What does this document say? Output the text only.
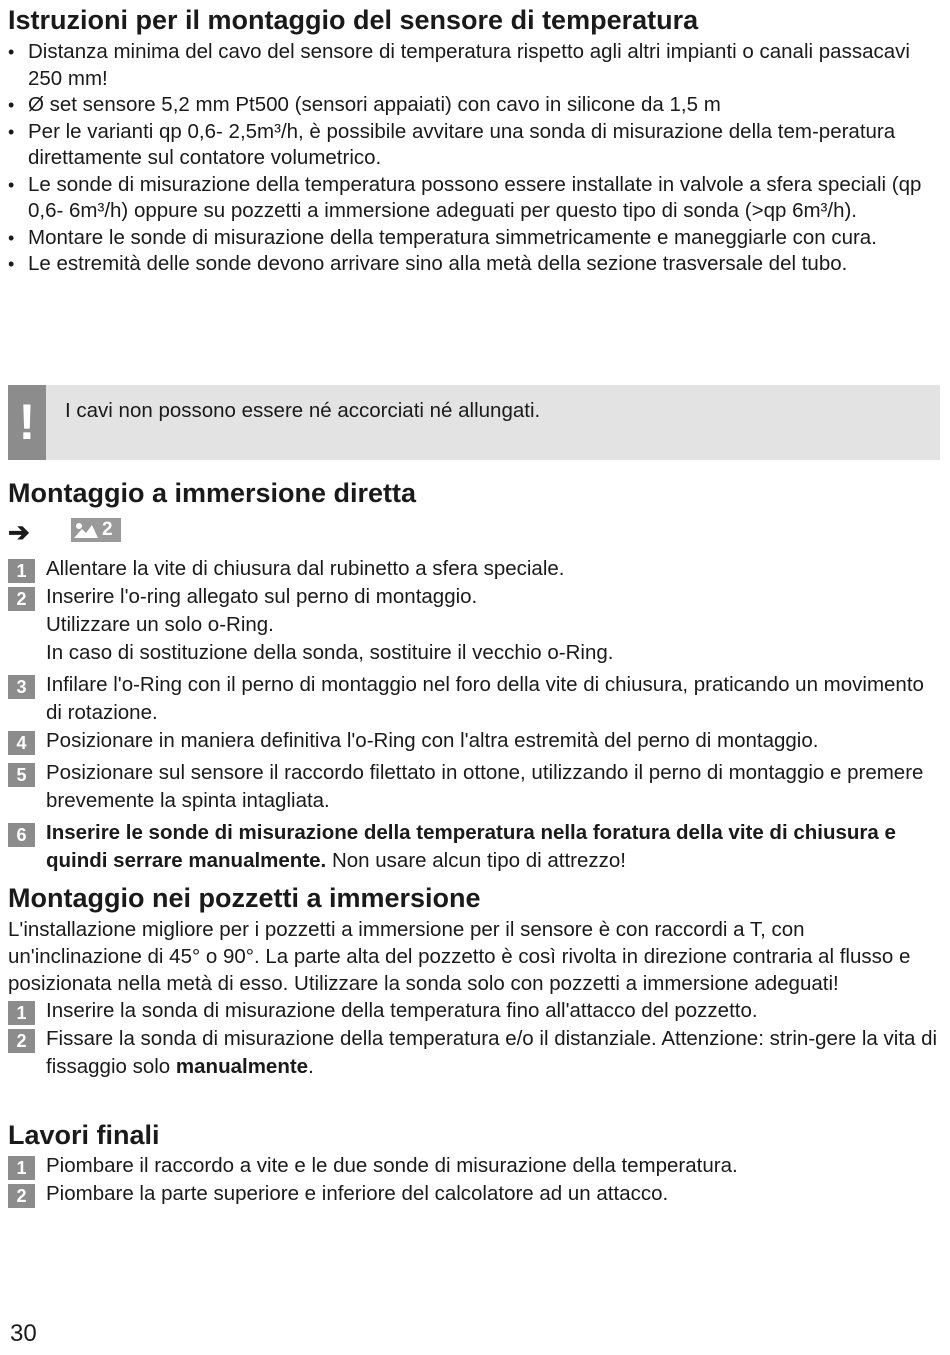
Istruzioni per il montaggio del sensore di temperatura
• Distanza minima del cavo del sensore di temperatura rispetto agli altri impianti o canali passacavi 250 mm!
• Ø set sensore 5,2 mm Pt500 (sensori appaiati) con cavo in silicone da 1,5 m
• Per le varianti qp 0,6- 2,5m³/h, è possibile avvitare una sonda di misurazione della tem-peratura direttamente sul contatore volumetrico.
• Le sonde di misurazione della temperatura possono essere installate in valvole a sfera speciali (qp 0,6- 6m³/h) oppure su pozzetti a immersione adeguati per questo tipo di sonda (>qp 6m³/h).
• Montare le sonde di misurazione della temperatura simmetricamente e maneggiarle con cura.
• Le estremità delle sonde devono arrivare sino alla metà della sezione trasversale del tubo.
!	I cavi non possono essere né accorciati né allungati.
Montaggio a immersione diretta
➔	2
1 Allentare la vite di chiusura dal rubinetto a sfera speciale.
2 Inserire l'o-ring allegato sul perno di montaggio.
Utilizzare un solo o-Ring.
In caso di sostituzione della sonda, sostituire il vecchio o-Ring.
3 Infilare l'o-Ring con il perno di montaggio nel foro della vite di chiusura, praticando un movimento di rotazione.
4 Posizionare in maniera definitiva l'o-Ring con l'altra estremità del perno di montaggio.
5 Posizionare sul sensore il raccordo filettato in ottone, utilizzando il perno di montaggio e premere brevemente la spinta intagliata.
6 Inserire le sonde di misurazione della temperatura nella foratura della vite di chiusura e quindi serrare manualmente. Non usare alcun tipo di attrezzo!
Montaggio nei pozzetti a immersione
L'installazione migliore per i pozzetti a immersione per il sensore è con raccordi a T, con un'inclinazione di 45° o 90°. La parte alta del pozzetto è così rivolta in direzione contraria al flusso e posizionata nella metà di esso. Utilizzare la sonda solo con pozzetti a immersione adeguati!
1 Inserire la sonda di misurazione della temperatura fino all'attacco del pozzetto.
2 Fissare la sonda di misurazione della temperatura e/o il distanziale. Attenzione: strin-gere la vita di fissaggio solo manualmente.
Lavori finali
1 Piombare il raccordo a vite e le due sonde di misurazione della temperatura.
2 Piombare la parte superiore e inferiore del calcolatore ad un attacco.
30
